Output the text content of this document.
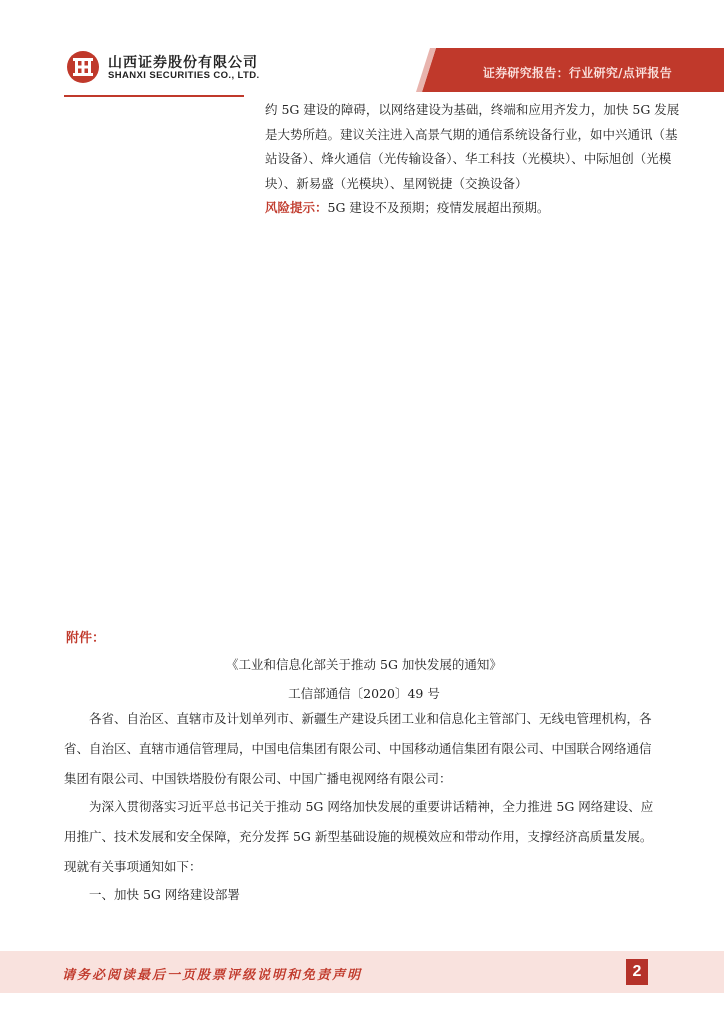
证券研究报告：行业研究/点评报告
山西证券股份有限公司
SHANXI SECURITIES CO., LTD.

约 5G 建设的障碍，以网络建设为基础，终端和应用齐发力，加快 5G 发展是大势所趋。建议关注进入高景气期的通信系统设备行业，如中兴通讯（基站设备）、烽火通信（光传输设备）、华工科技（光模块）、中际旭创（光模块）、新易盛（光模块）、星网锐捷（交换设备）

风险提示：5G 建设不及预期；疫情发展超出预期。

附件：
《工业和信息化部关于推动 5G 加快发展的通知》
工信部通信〔2020〕49 号

各省、自治区、直辖市及计划单列市、新疆生产建设兵团工业和信息化主管部门、无线电管理机构，各省、自治区、直辖市通信管理局，中国电信集团有限公司、中国移动通信集团有限公司、中国联合网络通信集团有限公司、中国铁塔股份有限公司、中国广播电视网络有限公司：

为深入贯彻落实习近平总书记关于推动 5G 网络加快发展的重要讲话精神，全力推进 5G 网络建设、应用推广、技术发展和安全保障，充分发挥 5G 新型基础设施的规模效应和带动作用，支撑经济高质量发展。现就有关事项通知如下：

一、加快 5G 网络建设部署

请务必阅读最后一页股票评级说明和免责声明	2
